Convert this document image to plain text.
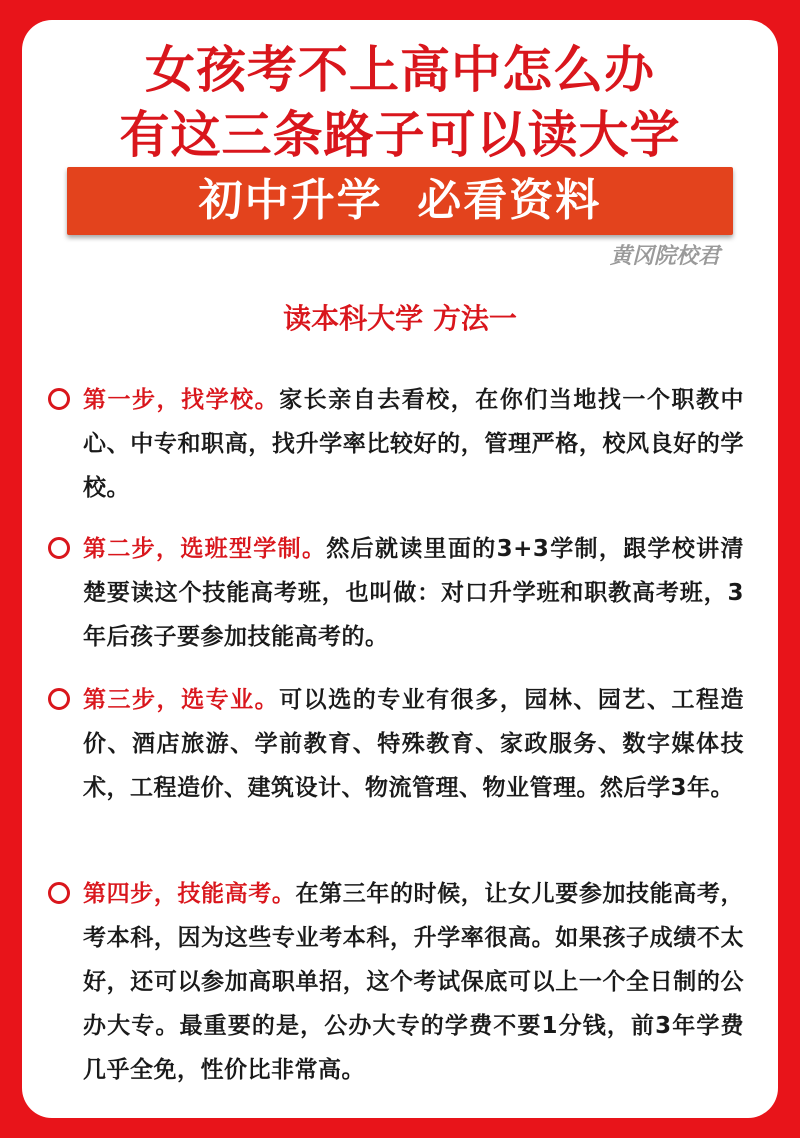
女孩考不上高中怎么办
有这三条路子可以读大学
初中升学  必看资料
黄冈院校君
读本科大学 方法一
第一步，找学校。家长亲自去看校，在你们当地找一个职教中心、中专和职高，找升学率比较好的，管理严格，校风良好的学校。
第二步，选班型学制。然后就读里面的3+3学制，跟学校讲清楚要读这个技能高考班，也叫做：对口升学班和职教高考班，3年后孩子要参加技能高考的。
第三步，选专业。可以选的专业有很多，园林、园艺、工程造价、酒店旅游、学前教育、特殊教育、家政服务、数字媒体技术，工程造价、建筑设计、物流管理、物业管理。然后学3年。
第四步，技能高考。在第三年的时候，让女儿要参加技能高考，考本科，因为这些专业考本科，升学率很高。如果孩子成绩不太好，还可以参加高职单招，这个考试保底可以上一个全日制的公办大专。最重要的是，公办大专的学费不要1分钱，前3年学费几乎全免，性价比非常高。
